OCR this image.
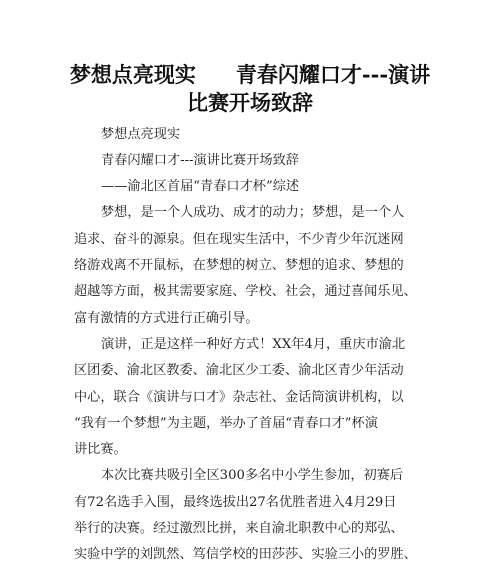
梦想点亮现实 青春闪耀口才---演讲
比赛开场致辞
梦想点亮现实
青春闪耀口才---演讲比赛开场致辞
——渝北区首届“青春口才杯”综述
梦想，是一个人成功、成才的动力；梦想，是一个人
追求、奋斗的源泉。但在现实生活中，不少青少年沉迷网
络游戏离不开鼠标，在梦想的树立、梦想的追求、梦想的
超越等方面，极其需要家庭、学校、社会，通过喜闻乐见、
富有激情的方式进行正确引导。
演讲，正是这样一种好方式！XX年4月，重庆市渝北
区团委、渝北区教委、渝北区少工委、渝北区青少年活动
中心，联合《演讲与口才》杂志社、金话筒演讲机构，以
“我有一个梦想”为主题，举办了首届“青春口才”杯演
讲比赛。
本次比赛共吸引全区300多名中小学生参加，初赛后
有72名选手入围，最终选拔出27名优胜者进入4月29日
举行的决赛。经过激烈比拼，来自渝北职教中心的郑弘、
实验中学的刘凯然、笃信学校的田莎莎、实验三小的罗胜、
